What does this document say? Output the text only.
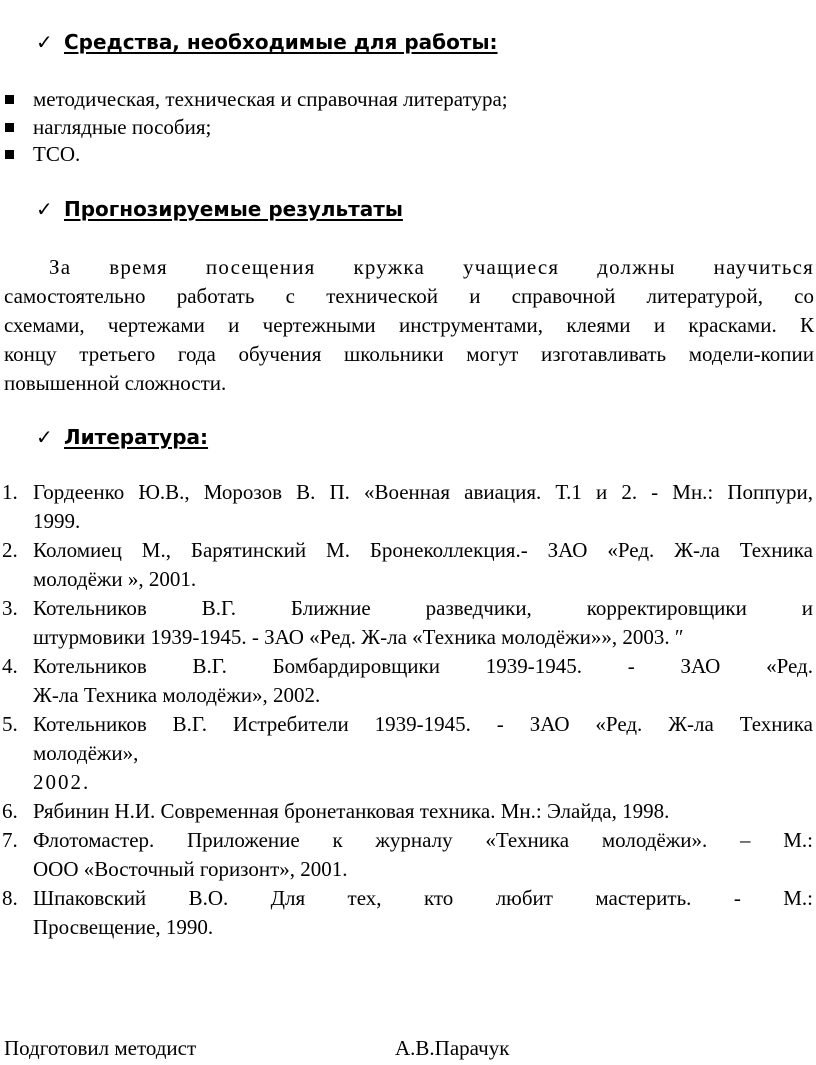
✓ Средства, необходимые для работы:
методическая, техническая и справочная литература;
наглядные пособия;
ТСО.
✓ Прогнозируемые результаты

За время посещения кружка учащиеся должны научиться
самостоятельно работать с технической и справочной литературой, со
схемами, чертежами и чертежными инструментами, клеями и красками. К
концу третьего года обучения школьники могут изготавливать модели-копии
повышенной сложности.

✓ Литература:
1. Гордеенко Ю.В., Морозов В. П. «Военная авиация. Т.1 и 2. - Мн.: Поппури,
1999.
2. Коломиец М., Барятинский М. Бронеколлекция.- ЗАО «Ред. Ж-ла Техника
молодёжи », 2001.
3. Котельников В.Г. Ближние разведчики, корректировщики и
штурмовики 1939-1945. - ЗАО «Ред. Ж-ла «Техника молодёжи»», 2003. ″
4. Котельников В.Г. Бомбардировщики 1939-1945. - ЗАО «Ред.
Ж-ла Техника молодёжи», 2002.
5. Котельников В.Г. Истребители 1939-1945. - ЗАО «Ред. Ж-ла Техника
молодёжи»,
2002.
6. Рябинин Н.И. Современная бронетанковая техника. Мн.: Элайда, 1998.
7. Флотомастер. Приложение к журналу «Техника молодёжи». – М.:
ООО «Восточный горизонт», 2001.
8. Шпаковский В.О. Для тех, кто любит мастерить. - М.:
Просвещение, 1990.
Подготовил методист	А.В.Парачук
